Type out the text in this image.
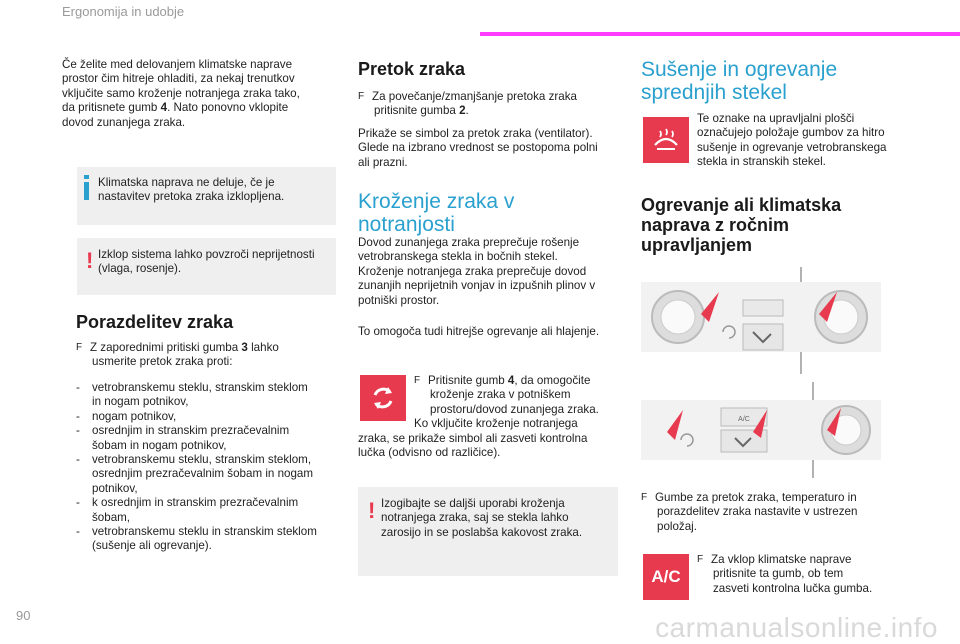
Ergonomija in udobje
Če želite med delovanjem klimatske naprave
prostor čim hitreje ohladiti, za nekaj trenutkov
vključite samo kroženje notranjega zraka tako,
da pritisnete gumb 4. Nato ponovno vklopite
dovod zunanjega zraka.
Klimatska naprava ne deluje, če je
nastavitev pretoka zraka izklopljena.
! Izklop sistema lahko povzroči neprijetnosti
(vlaga, rosenje).
Porazdelitev zraka
F Z zaporednimi pritiski gumba 3 lahko
usmerite pretok zraka proti:
-	vetrobranskemu steklu, stranskim steklom
in nogam potnikov,
-	nogam potnikov,
-	osrednjim in stranskim prezračevalnim
šobam in nogam potnikov,
-	vetrobranskemu steklu, stranskim steklom,
osrednjim prezračevalnim šobam in nogam
potnikov,
-	k osrednjim in stranskim prezračevalnim
šobam,
-	vetrobranskemu steklu in stranskim steklom
(sušenje ali ogrevanje).
Pretok zraka
F Za povečanje/zmanjšanje pretoka zraka
pritisnite gumba 2.
Prikaže se simbol za pretok zraka (ventilator).
Glede na izbrano vrednost se postopoma polni
ali prazni.
Kroženje zraka v
notranjosti
Dovod zunanjega zraka preprečuje rošenje
vetrobranskega stekla in bočnih stekel.
Kroženje notranjega zraka preprečuje dovod
zunanjih neprijetnih vonjav in izpušnih plinov v
potniški prostor.
To omogoča tudi hitrejše ogrevanje ali hlajenje.
F Pritisnite gumb 4, da omogočite
kroženje zraka v potniškem
prostoru/dovod zunanjega zraka.
Ko vključite kroženje notranjega
zraka, se prikaže simbol ali zasveti kontrolna
lučka (odvisno od različice).
! Izogibajte se daljši uporabi kroženja
notranjega zraka, saj se stekla lahko
zarosijo in se poslabša kakovost zraka.
Sušenje in ogrevanje
sprednjih stekel
Te oznake na upravljalni plošči
označujejo položaje gumbov za hitro
sušenje in ogrevanje vetrobranskega
stekla in stranskih stekel.
Ogrevanje ali klimatska
naprava z ročnim
upravljanjem
A/C
F Gumbe za pretok zraka, temperaturo in
porazdelitev zraka nastavite v ustrezen
položaj.
A/C
F Za vklop klimatske naprave
pritisnite ta gumb, ob tem
zasveti kontrolna lučka gumba.
90	carmanualsonline.info
